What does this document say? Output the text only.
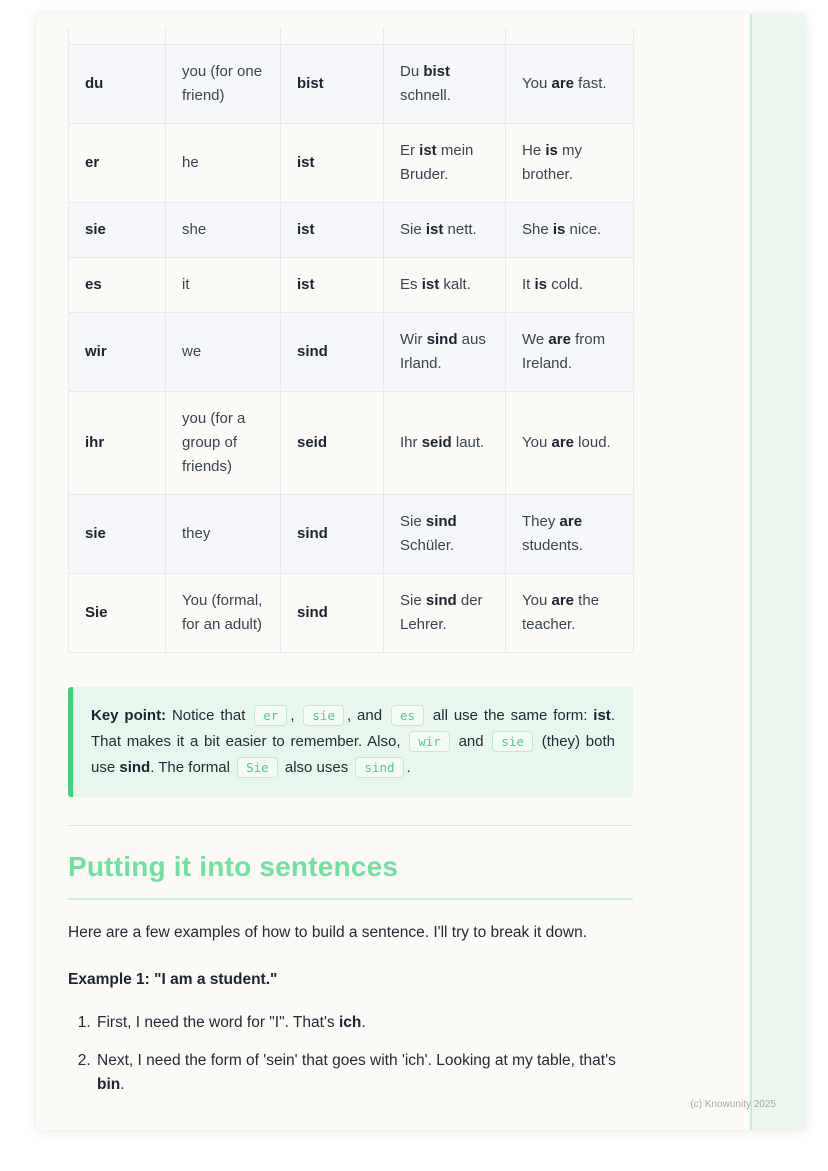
du	you (for one friend)	bist	Du bist schnell.	You are fast.
er	he	ist	Er ist mein Bruder.	He is my brother.
sie	she	ist	Sie ist nett.	She is nice.
es	it	ist	Es ist kalt.	It is cold.
wir	we	sind	Wir sind aus Irland.	We are from Ireland.
ihr	you (for a group of friends)	seid	Ihr seid laut.	You are loud.
sie	they	sind	Sie sind Schüler.	They are students.
Sie	You (formal, for an adult)	sind	Sie sind der Lehrer.	You are the teacher.
Key point: Notice that er , sie , and es all use the same form: ist. That makes it a bit easier to remember. Also, wir and sie (they) both use sind. The formal Sie also uses sind .
Putting it into sentences

Here are a few examples of how to build a sentence. I'll try to break it down.

Example 1: "I am a student."

1. First, I need the word for "I". That's ich.
2. Next, I need the form of 'sein' that goes with 'ich'. Looking at my table, that's bin.
(c) Knowunity 2025
